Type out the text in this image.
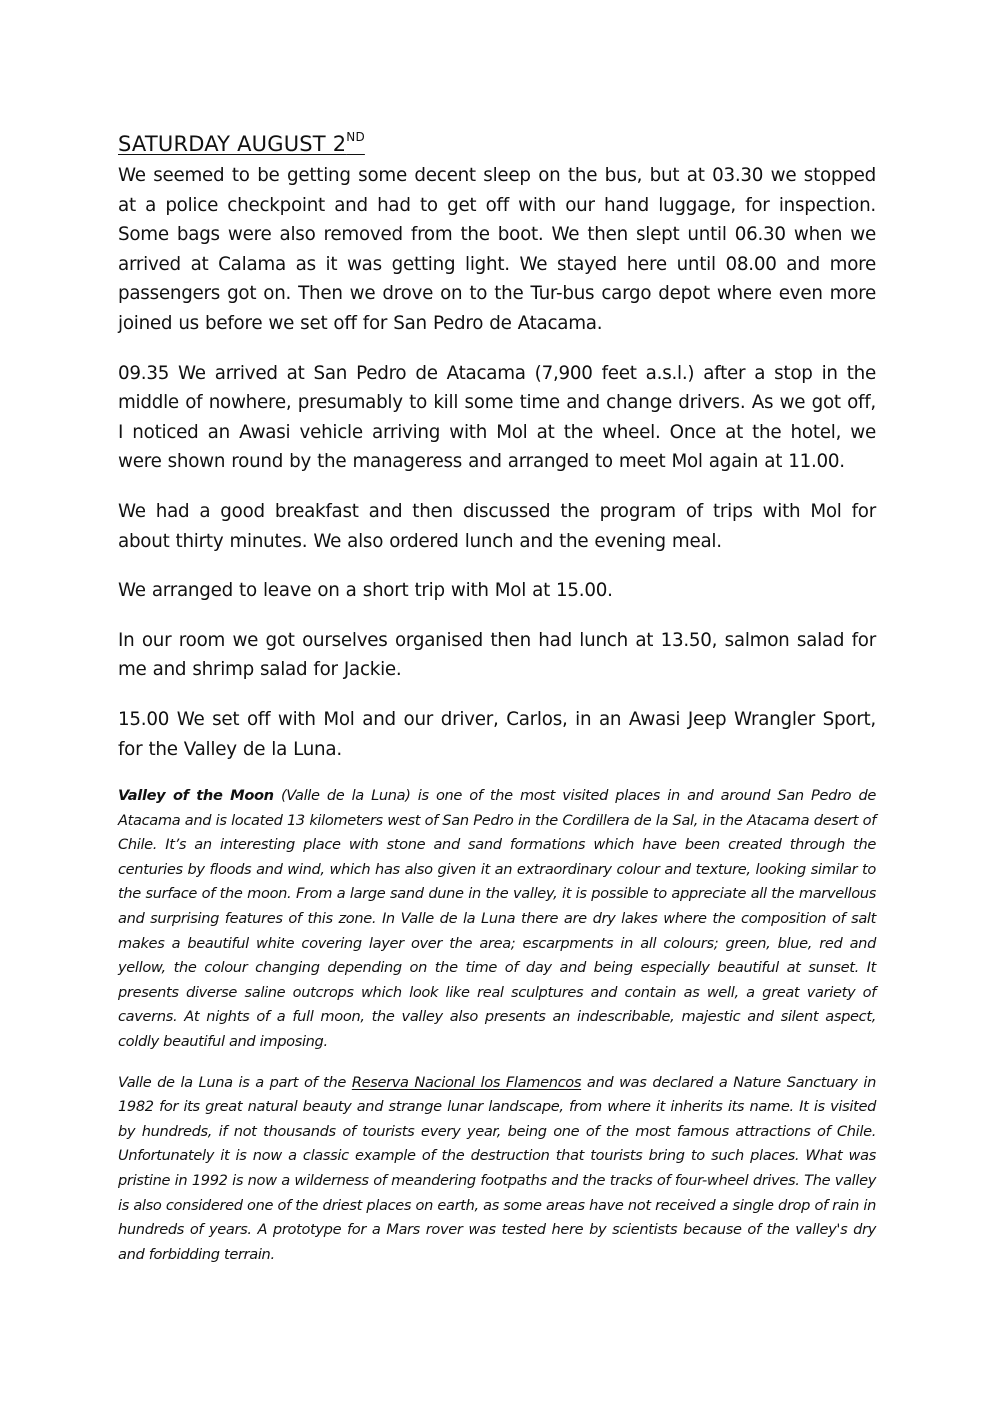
SATURDAY AUGUST 2ND

We seemed to be getting some decent sleep on the bus, but at 03.30 we stopped at a police checkpoint and had to get off with our hand luggage, for inspection. Some bags were also removed from the boot. We then slept until 06.30 when we arrived at Calama as it was getting light. We stayed here until 08.00 and more passengers got on. Then we drove on to the Tur-bus cargo depot where even more joined us before we set off for San Pedro de Atacama.

09.35 We arrived at San Pedro de Atacama (7,900 feet a.s.l.) after a stop in the middle of nowhere, presumably to kill some time and change drivers. As we got off, I noticed an Awasi vehicle arriving with Mol at the wheel. Once at the hotel, we were shown round by the manageress and arranged to meet Mol again at 11.00.

We had a good breakfast and then discussed the program of trips with Mol for about thirty minutes. We also ordered lunch and the evening meal.

We arranged to leave on a short trip with Mol at 15.00.

In our room we got ourselves organised then had lunch at 13.50, salmon salad for me and shrimp salad for Jackie.

15.00 We set off with Mol and our driver, Carlos, in an Awasi Jeep Wrangler Sport, for the Valley de la Luna.

Valley of the Moon (Valle de la Luna) is one of the most visited places in and around San Pedro de Atacama and is located 13 kilometers west of San Pedro in the Cordillera de la Sal, in the Atacama desert of Chile. It’s an interesting place with stone and sand formations which have been created through the centuries by floods and wind, which has also given it an extraordinary colour and texture, looking similar to the surface of the moon. From a large sand dune in the valley, it is possible to appreciate all the marvellous and surprising features of this zone. In Valle de la Luna there are dry lakes where the composition of salt makes a beautiful white covering layer over the area; escarpments in all colours; green, blue, red and yellow, the colour changing depending on the time of day and being especially beautiful at sunset. It presents diverse saline outcrops which look like real sculptures and contain as well, a great variety of caverns. At nights of a full moon, the valley also presents an indescribable, majestic and silent aspect, coldly beautiful and imposing.

Valle de la Luna is a part of the Reserva Nacional los Flamencos and was declared a Nature Sanctuary in 1982 for its great natural beauty and strange lunar landscape, from where it inherits its name. It is visited by hundreds, if not thousands of tourists every year, being one of the most famous attractions of Chile. Unfortunately it is now a classic example of the destruction that tourists bring to such places. What was pristine in 1992 is now a wilderness of meandering footpaths and the tracks of four-wheel drives. The valley is also considered one of the driest places on earth, as some areas have not received a single drop of rain in hundreds of years. A prototype for a Mars rover was tested here by scientists because of the valley's dry and forbidding terrain.
